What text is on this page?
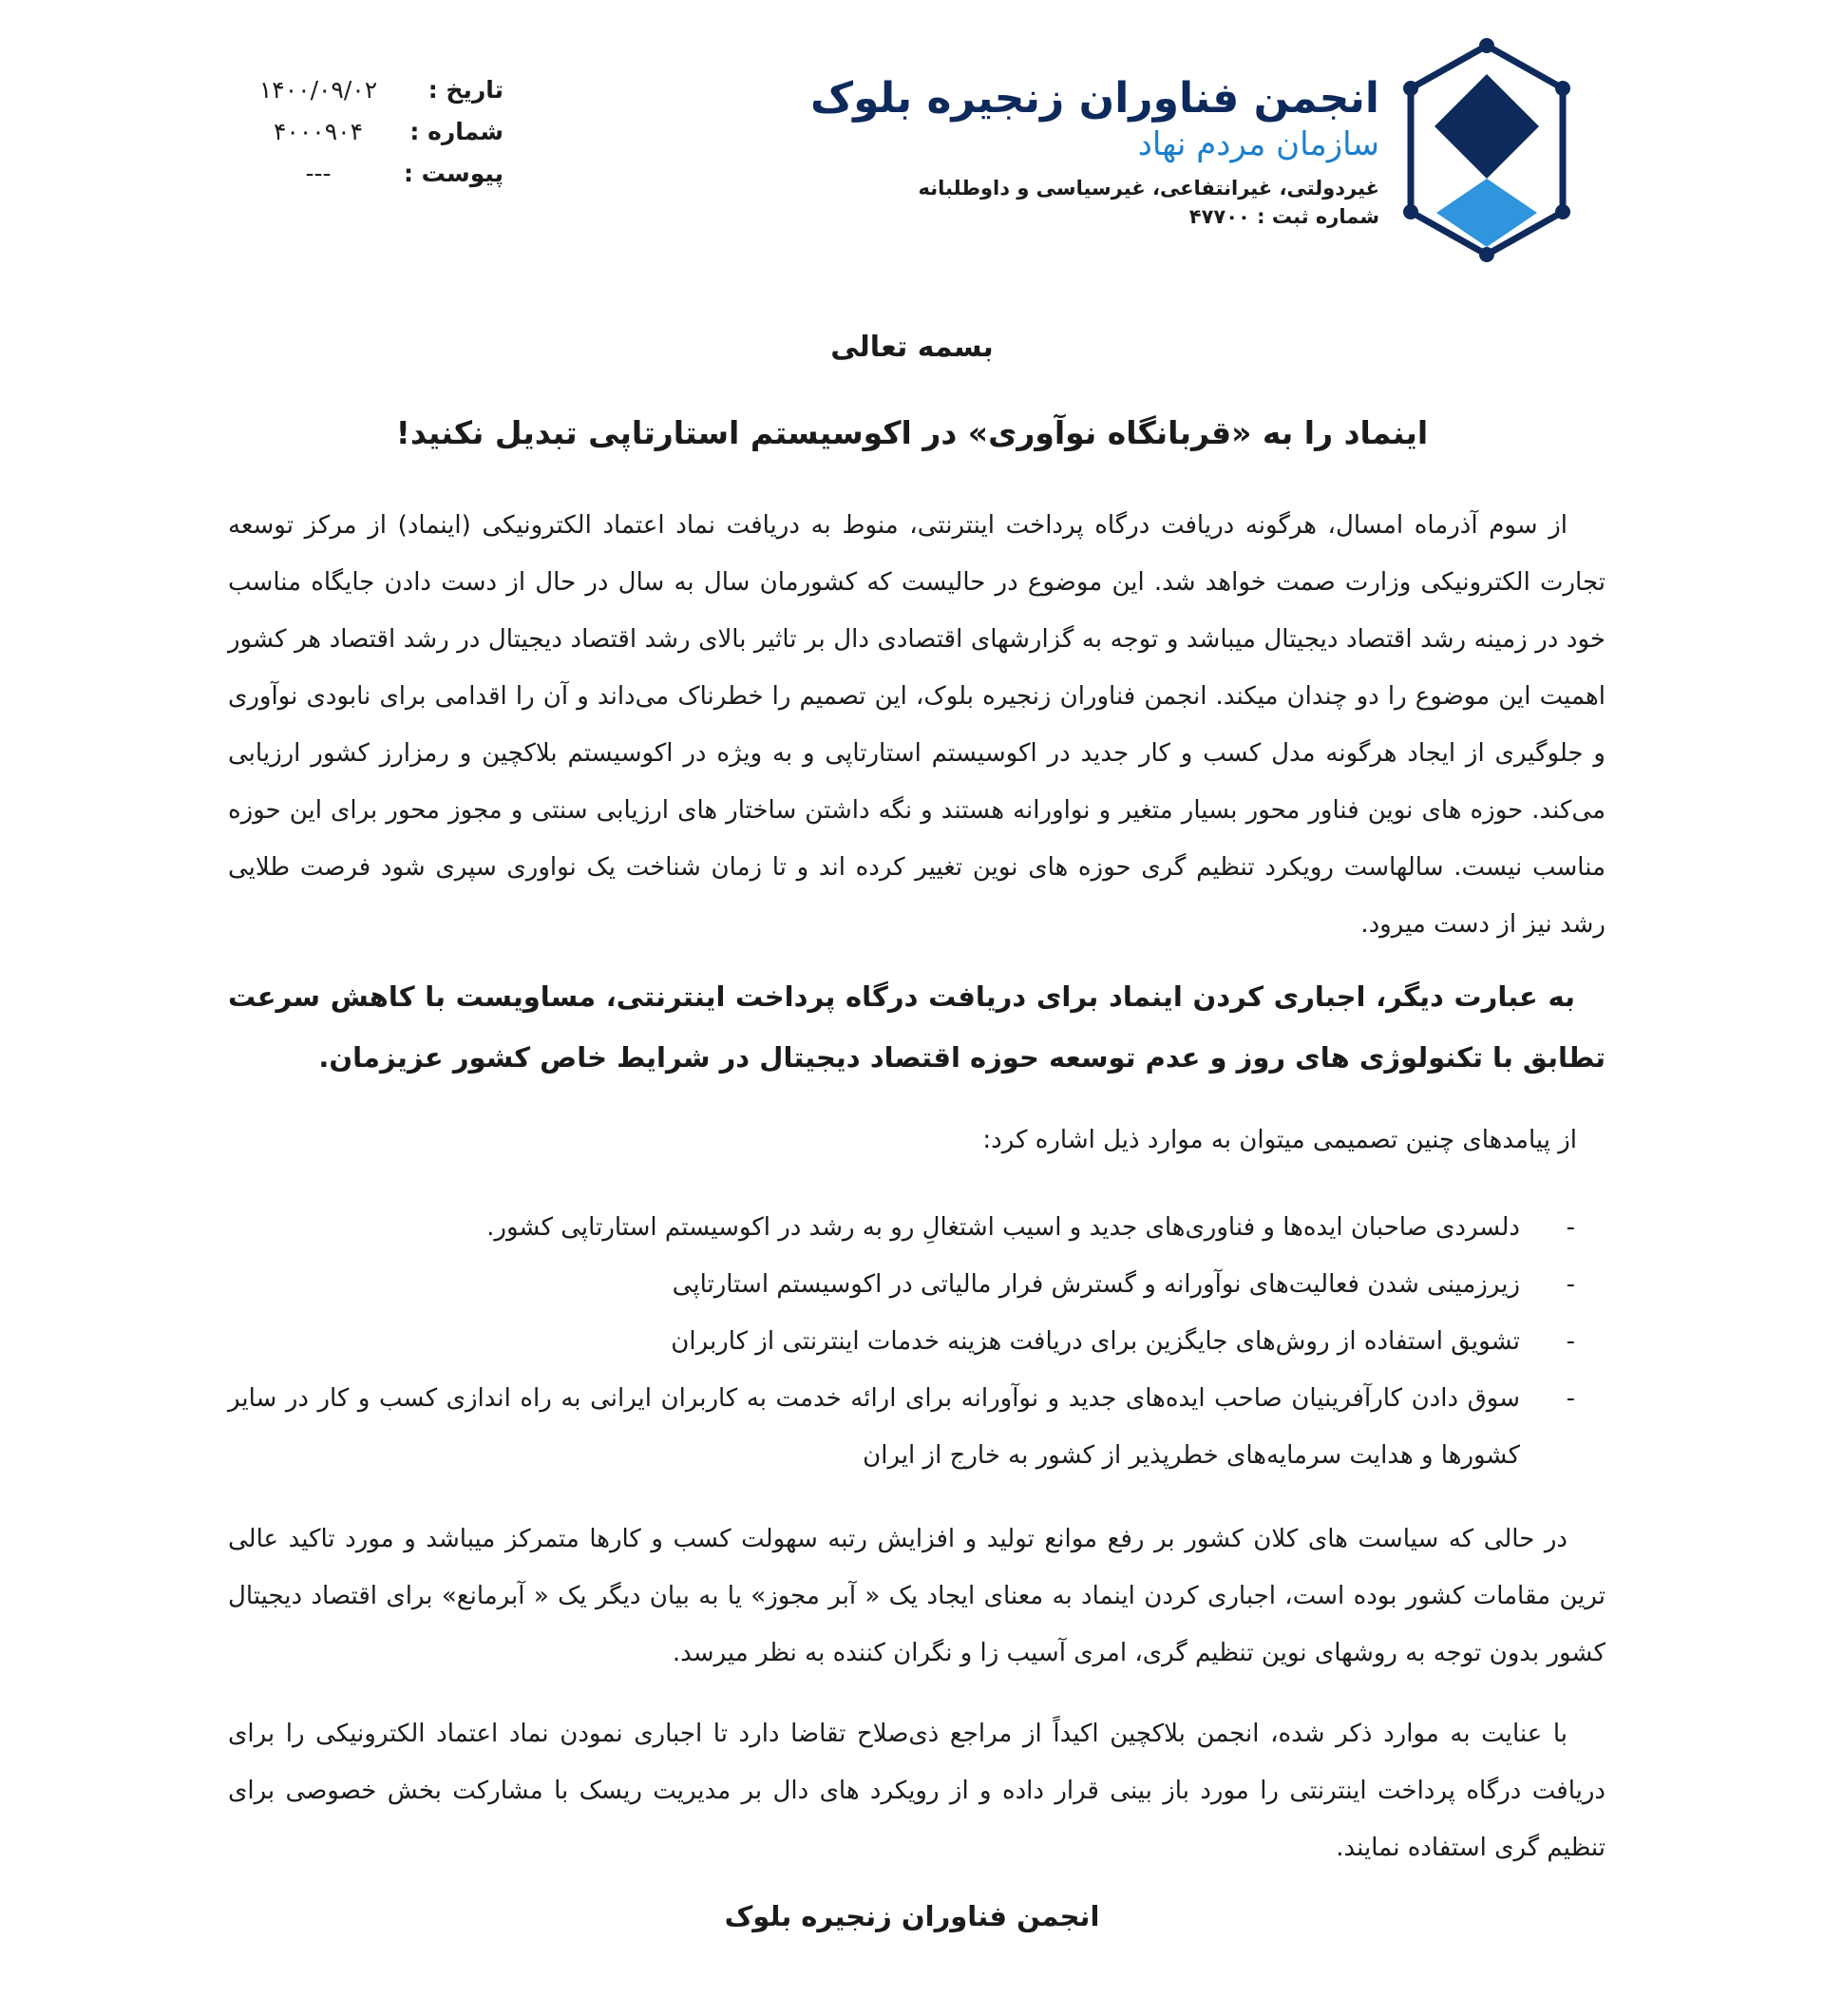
انجمن فناوران زنجیره بلوک
سازمان مردم نهاد
غیردولتی، غیرانتفاعی، غیرسیاسی و داوطلبانه
شماره ثبت : ۴۷۷۰۰
تاریخ :
۱۴۰۰/۰۹/۰۲
شماره :
۴۰۰۰۹۰۴
پیوست :
---
بسمه تعالی
اینماد را به «قربانگاه نوآوری» در اکوسیستم استارتاپی تبدیل نکنید!

از سوم آذرماه امسال، هرگونه دریافت درگاه پرداخت اینترنتی، منوط به دریافت نماد اعتماد الکترونیکی (اینماد) از مرکز توسعه تجارت الکترونیکی وزارت صمت خواهد شد. این موضوع در حالیست که کشورمان سال به سال در حال از دست دادن جایگاه مناسب خود در زمینه رشد اقتصاد دیجیتال میباشد و توجه به گزارشهای اقتصادی دال بر تاثیر بالای رشد اقتصاد دیجیتال در رشد اقتصاد هر کشور اهمیت این موضوع را دو چندان میکند. انجمن فناوران زنجیره بلوک، این تصمیم را خطرناک می‌داند و آن را اقدامی برای نابودی نوآوری و جلوگیری از ایجاد هرگونه مدل کسب و کار جدید در اکوسیستم استارتاپی و به ویژه در اکوسیستم بلاکچین و رمزارز کشور ارزیابی می‌کند. حوزه های نوین فناور محور بسیار متغیر و نواورانه هستند و نگه داشتن ساختار های ارزیابی سنتی و مجوز محور برای این حوزه مناسب نیست. سالهاست رویکرد تنظیم گری حوزه های نوین تغییر کرده اند و تا زمان شناخت یک نواوری سپری شود فرصت طلایی رشد نیز از دست میرود.

به عبارت دیگر، اجباری کردن اینماد برای دریافت درگاه پرداخت اینترنتی، مساویست با کاهش سرعت تطابق با تکنولوژی های روز و عدم توسعه حوزه اقتصاد دیجیتال در شرایط خاص کشور عزیزمان.

از پیامدهای چنین تصمیمی میتوان به موارد ذیل اشاره کرد:

-
دلسردی صاحبان ایده‌ها و فناوری‌های جدید و اسیب اشتغالِ رو به رشد در اکوسیستم استارتاپی کشور.
-
زیرزمینی شدن فعالیت‌های نوآورانه و گسترش فرار مالیاتی در اکوسیستم استارتاپی
-
تشویق استفاده از روش‌های جایگزین برای دریافت هزینه خدمات اینترنتی از کاربران
-
سوق دادن کارآفرینیان صاحب ایده‌های جدید و نوآورانه برای ارائه خدمت به کاربران ایرانی به راه اندازی کسب و کار در سایر کشورها و هدایت سرمایه‌های خطرپذیر از کشور به خارج از ایران

در حالی که سیاست های کلان کشور بر رفع موانع تولید و افزایش رتبه سهولت کسب و کارها متمرکز میباشد و مورد تاکید عالی ترین مقامات کشور بوده است، اجباری کردن اینماد به معنای ایجاد یک « آبر مجوز» یا به بیان دیگر یک « آبرمانع» برای اقتصاد دیجیتال کشور بدون توجه به روشهای نوین تنظیم گری، امری آسیب زا و نگران کننده به نظر میرسد.

با عنایت به موارد ذکر شده، انجمن بلاکچین اکیداً از مراجع ذی‌صلاح تقاضا دارد تا اجباری نمودن نماد اعتماد الکترونیکی را برای دریافت درگاه پرداخت اینترنتی را مورد باز بینی قرار داده و از رویکرد های دال بر مدیریت ریسک با مشارکت بخش خصوصی برای تنظیم گری استفاده نمایند.

انجمن فناوران زنجیره بلوک
